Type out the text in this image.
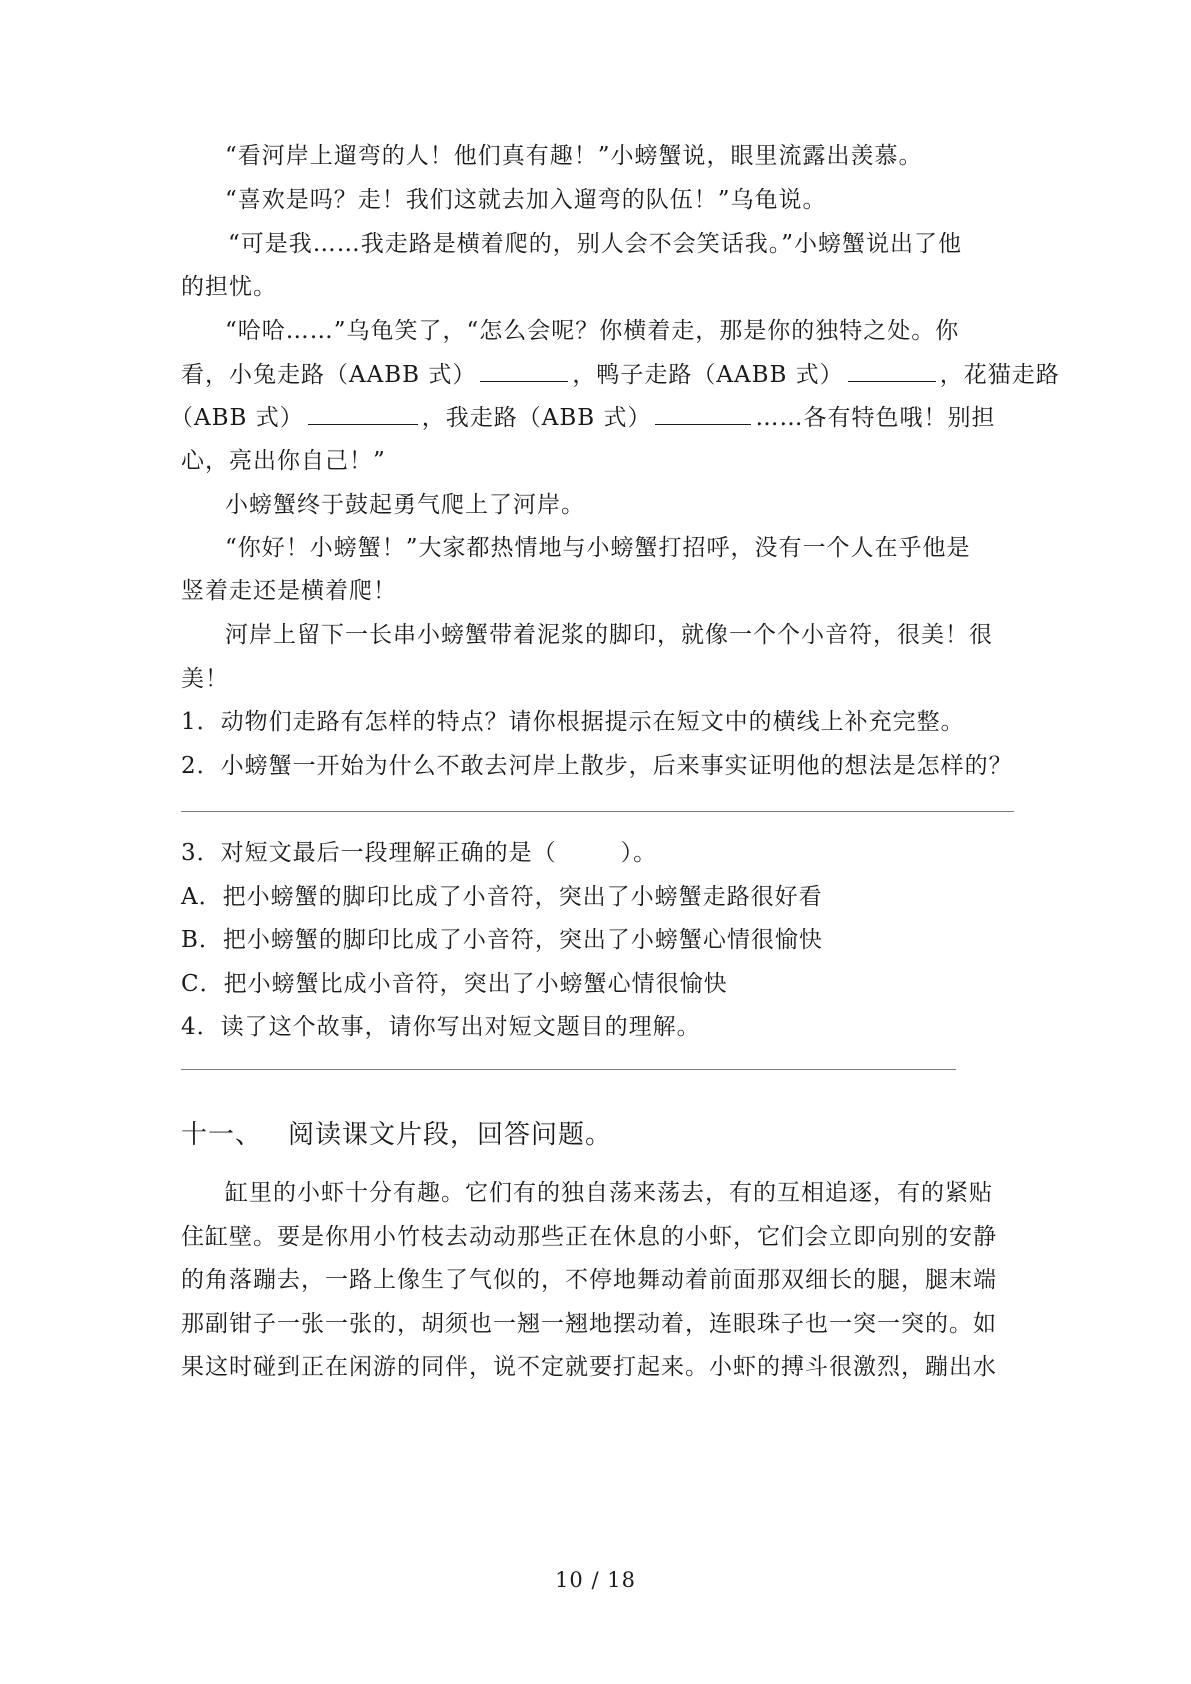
“看河岸上遛弯的人！他们真有趣！”小螃蟹说，眼里流露出羡慕。
“喜欢是吗？走！我们这就去加入遛弯的队伍！”乌龟说。
“可是我……我走路是横着爬的，别人会不会笑话我。”小螃蟹说出了他
的担忧。
“哈哈……”乌龟笑了，“怎么会呢？你横着走，那是你的独特之处。你
看，小兔走路（AABB 式）	，鸭子走路（AABB 式）	，花猫走路
（ABB 式）	，我走路（ABB 式）	……各有特色哦！别担
心，亮出你自己！”
小螃蟹终于鼓起勇气爬上了河岸。
“你好！小螃蟹！”大家都热情地与小螃蟹打招呼，没有一个人在乎他是
竖着走还是横着爬！
河岸上留下一长串小螃蟹带着泥浆的脚印，就像一个个小音符，很美！很
美！
1．动物们走路有怎样的特点？请你根据提示在短文中的横线上补充完整。
2．小螃蟹一开始为什么不敢去河岸上散步，后来事实证明他的想法是怎样的？
3．对短文最后一段理解正确的是（	）。
A．把小螃蟹的脚印比成了小音符，突出了小螃蟹走路很好看
B．把小螃蟹的脚印比成了小音符，突出了小螃蟹心情很愉快
C．把小螃蟹比成小音符，突出了小螃蟹心情很愉快
4．读了这个故事，请你写出对短文题目的理解。
十一、 阅读课文片段，回答问题。
缸里的小虾十分有趣。它们有的独自荡来荡去，有的互相追逐，有的紧贴
住缸壁。要是你用小竹枝去动动那些正在休息的小虾，它们会立即向别的安静
的角落蹦去，一路上像生了气似的，不停地舞动着前面那双细长的腿，腿末端
那副钳子一张一张的，胡须也一翘一翘地摆动着，连眼珠子也一突一突的。如
果这时碰到正在闲游的同伴，说不定就要打起来。小虾的搏斗很激烈，蹦出水
10 / 18
